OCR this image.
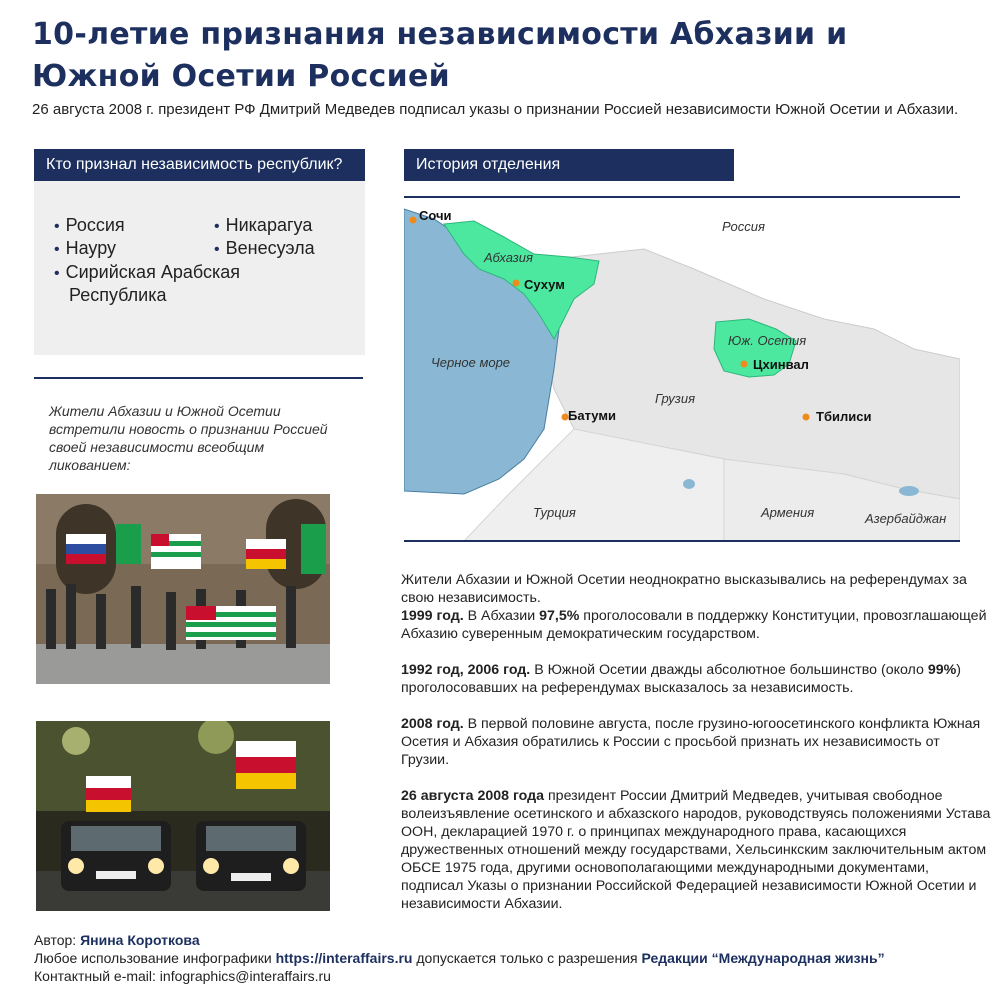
10-летие признания независимости Абхазии и Южной Осетии Россией
26 августа 2008 г. президент РФ Дмитрий Медведев подписал указы о признании Россией независимости Южной Осетии и Абхазии.
Кто признал независимость республик?
• Россия	• Никарагуа
• Науру	• Венесуэла
• Сирийская Арабская
Республика
Жители Абхазии и Южной Осетии встретили новость о признании Россией своей независимости всеобщим ликованием:
История отделения
Россия
Абхазия
Черное море
Юж. Осетия
Грузия
Турция	Армения	Азербайджан
Сочи
Сухум
Цхинвал
Батуми	Тбилиси

Жители Абхазии и Южной Осетии неоднократно высказывались на референдумах за свою независимость.
1999 год. В Абхазии 97,5% проголосовали в поддержку Конституции, провозглашающей Абхазию суверенным демократическим государством.

1992 год, 2006 год. В Южной Осетии дважды абсолютное большинство (около 99%) проголосовавших на референдумах высказалось за независимость.

2008 год. В первой половине августа, после грузино-югоосетинского конфликта Южная Осетия и Абхазия обратились к России с просьбой признать их независимость от Грузии.

26 августа 2008 года президент России Дмитрий Медведев, учитывая свободное волеизъявление осетинского и абхазского народов, руководствуясь положениями Устава ООН, декларацией 1970 г. о принципах международного права, касающихся дружественных отношений между государствами, Хельсинкским заключительным актом ОБСЕ 1975 года, другими основополагающими международными документами, подписал Указы о признании Российской Федерацией независимости Южной Осетии и независимости Абхазии.

Автор: Янина Короткова
Любое использование инфографики https://interaffairs.ru допускается только с разрешения Редакции “Международная жизнь”
Контактный e-mail: infographics@interaffairs.ru
